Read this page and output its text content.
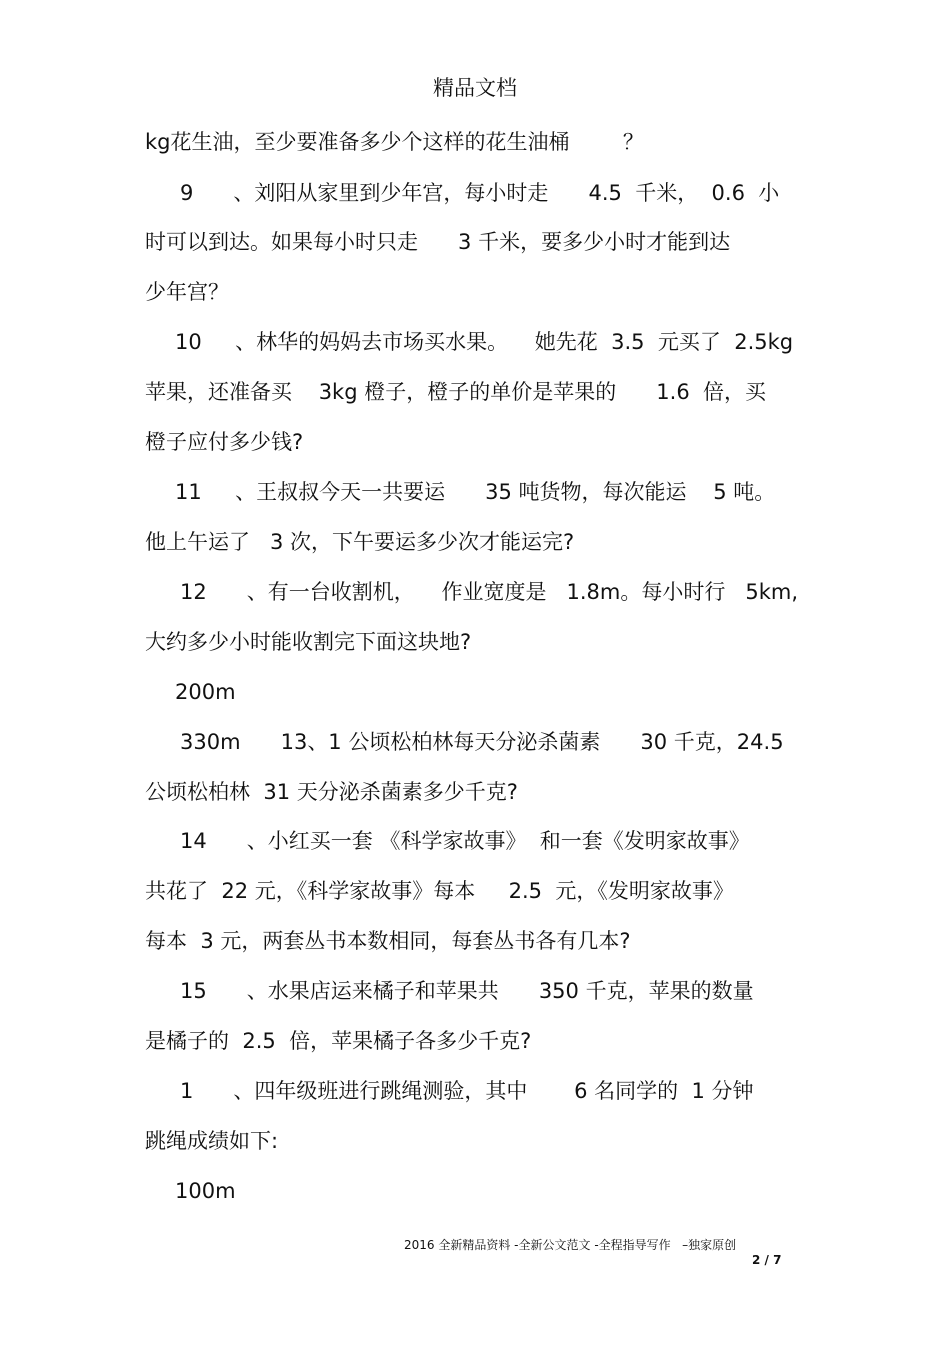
精品文档
kg花生油，至少要准备多少个这样的花生油桶        ？
9      、刘阳从家里到少年宫，每小时走      4.5  千米，  0.6  小
时可以到达。如果每小时只走      3 千米，要多少小时才能到达
少年宫？
10     、林华的妈妈去市场买水果。    她先花  3.5  元买了  2.5kg
苹果，还准备买    3kg 橙子，橙子的单价是苹果的      1.6  倍，买
橙子应付多少钱?
11     、王叔叔今天一共要运      35 吨货物，每次能运    5 吨。
他上午运了   3 次，下午要运多少次才能运完?
12      、有一台收割机，    作业宽度是   1.8m。每小时行   5km,
大约多少小时能收割完下面这块地?
200m
330m      13、1 公顷松柏林每天分泌杀菌素      30 千克，24.5
公顷松柏林  31 天分泌杀菌素多少千克?
14      、小红买一套 《科学家故事》  和一套《发明家故事》
共花了  22 元，《科学家故事》每本     2.5  元，《发明家故事》
每本  3 元，两套丛书本数相同，每套丛书各有几本?
15      、水果店运来橘子和苹果共      350 千克，苹果的数量
是橘子的  2.5  倍，苹果橘子各多少千克?
1      、四年级班进行跳绳测验，其中       6 名同学的  1 分钟
跳绳成绩如下:
100m
2016 全新精品资料 -全新公文范文 -全程指导写作   –独家原创
2 / 7
